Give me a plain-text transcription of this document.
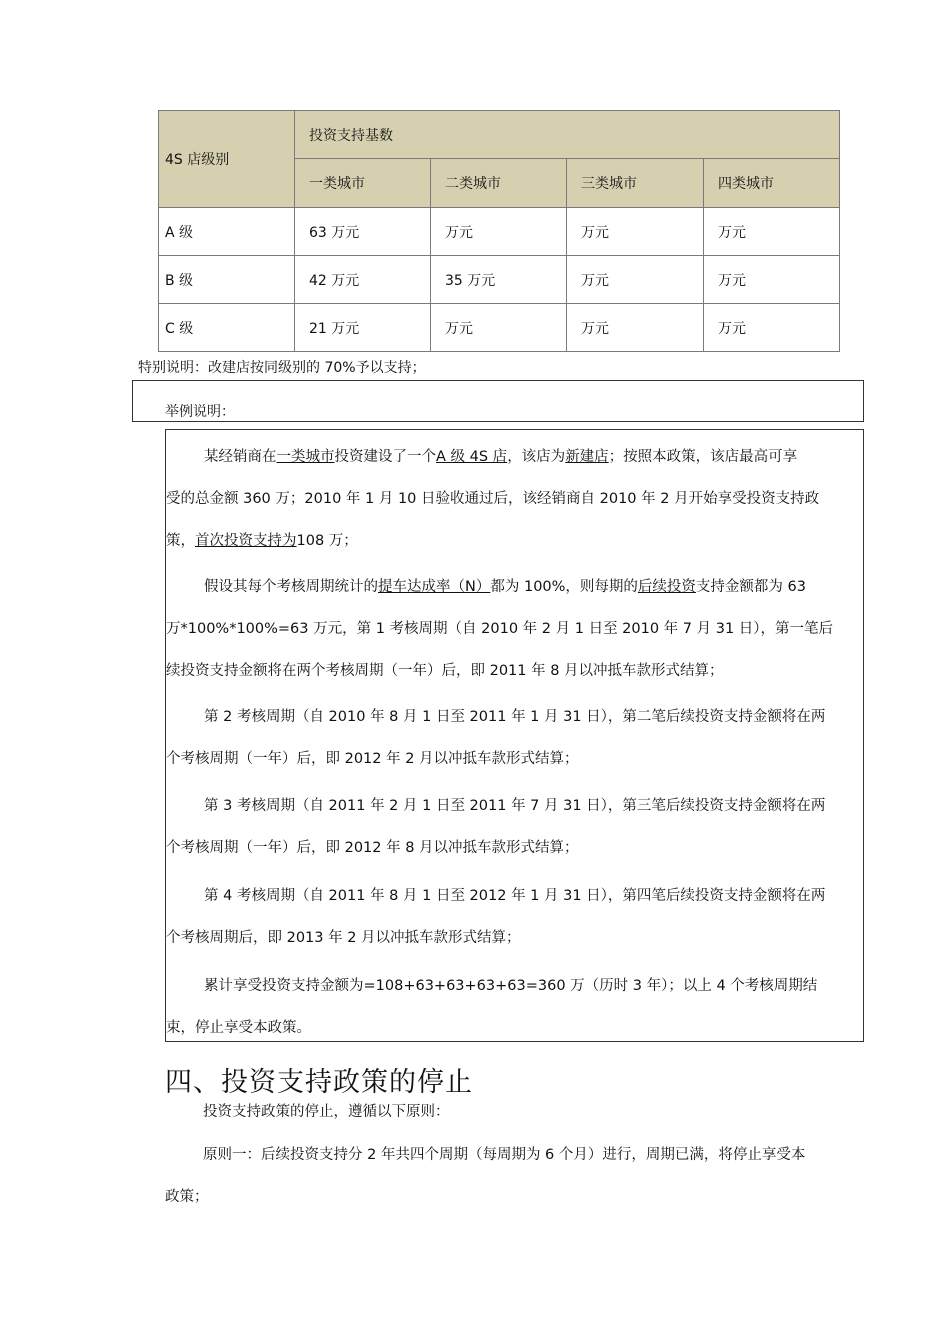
4S 店级别	投资支持基数			
	一类城市	二类城市	三类城市	四类城市
A 级	63 万元	万元	万元	万元
B 级	42 万元	35 万元	万元	万元
C 级	21 万元	万元	万元	万元
特别说明：改建店按同级别的 70%予以支持；
举例说明：

某经销商在一类城市投资建设了一个A 级 4S 店，该店为新建店；按照本政策，该店最高可享

受的总金额 360 万；2010 年 1 月 10 日验收通过后，该经销商自 2010 年 2 月开始享受投资支持政

策，首次投资支持为108 万；

假设其每个考核周期统计的提车达成率（N）都为 100%，则每期的后续投资支持金额都为 63

万*100%*100%=63 万元，第 1 考核周期（自 2010 年 2 月 1 日至 2010 年 7 月 31 日），第一笔后

续投资支持金额将在两个考核周期（一年）后，即 2011 年 8 月以冲抵车款形式结算；

第 2 考核周期（自 2010 年 8 月 1 日至 2011 年 1 月 31 日），第二笔后续投资支持金额将在两

个考核周期（一年）后，即 2012 年 2 月以冲抵车款形式结算；

第 3 考核周期（自 2011 年 2 月 1 日至 2011 年 7 月 31 日），第三笔后续投资支持金额将在两

个考核周期（一年）后，即 2012 年 8 月以冲抵车款形式结算；

第 4 考核周期（自 2011 年 8 月 1 日至 2012 年 1 月 31 日），第四笔后续投资支持金额将在两

个考核周期后，即 2013 年 2 月以冲抵车款形式结算；

累计享受投资支持金额为=108+63+63+63+63=360 万（历时 3 年）；以上 4 个考核周期结

束，停止享受本政策。

四、投资支持政策的停止
投资支持政策的停止，遵循以下原则：
原则一：后续投资支持分 2 年共四个周期（每周期为 6 个月）进行，周期已满，将停止享受本
政策；
